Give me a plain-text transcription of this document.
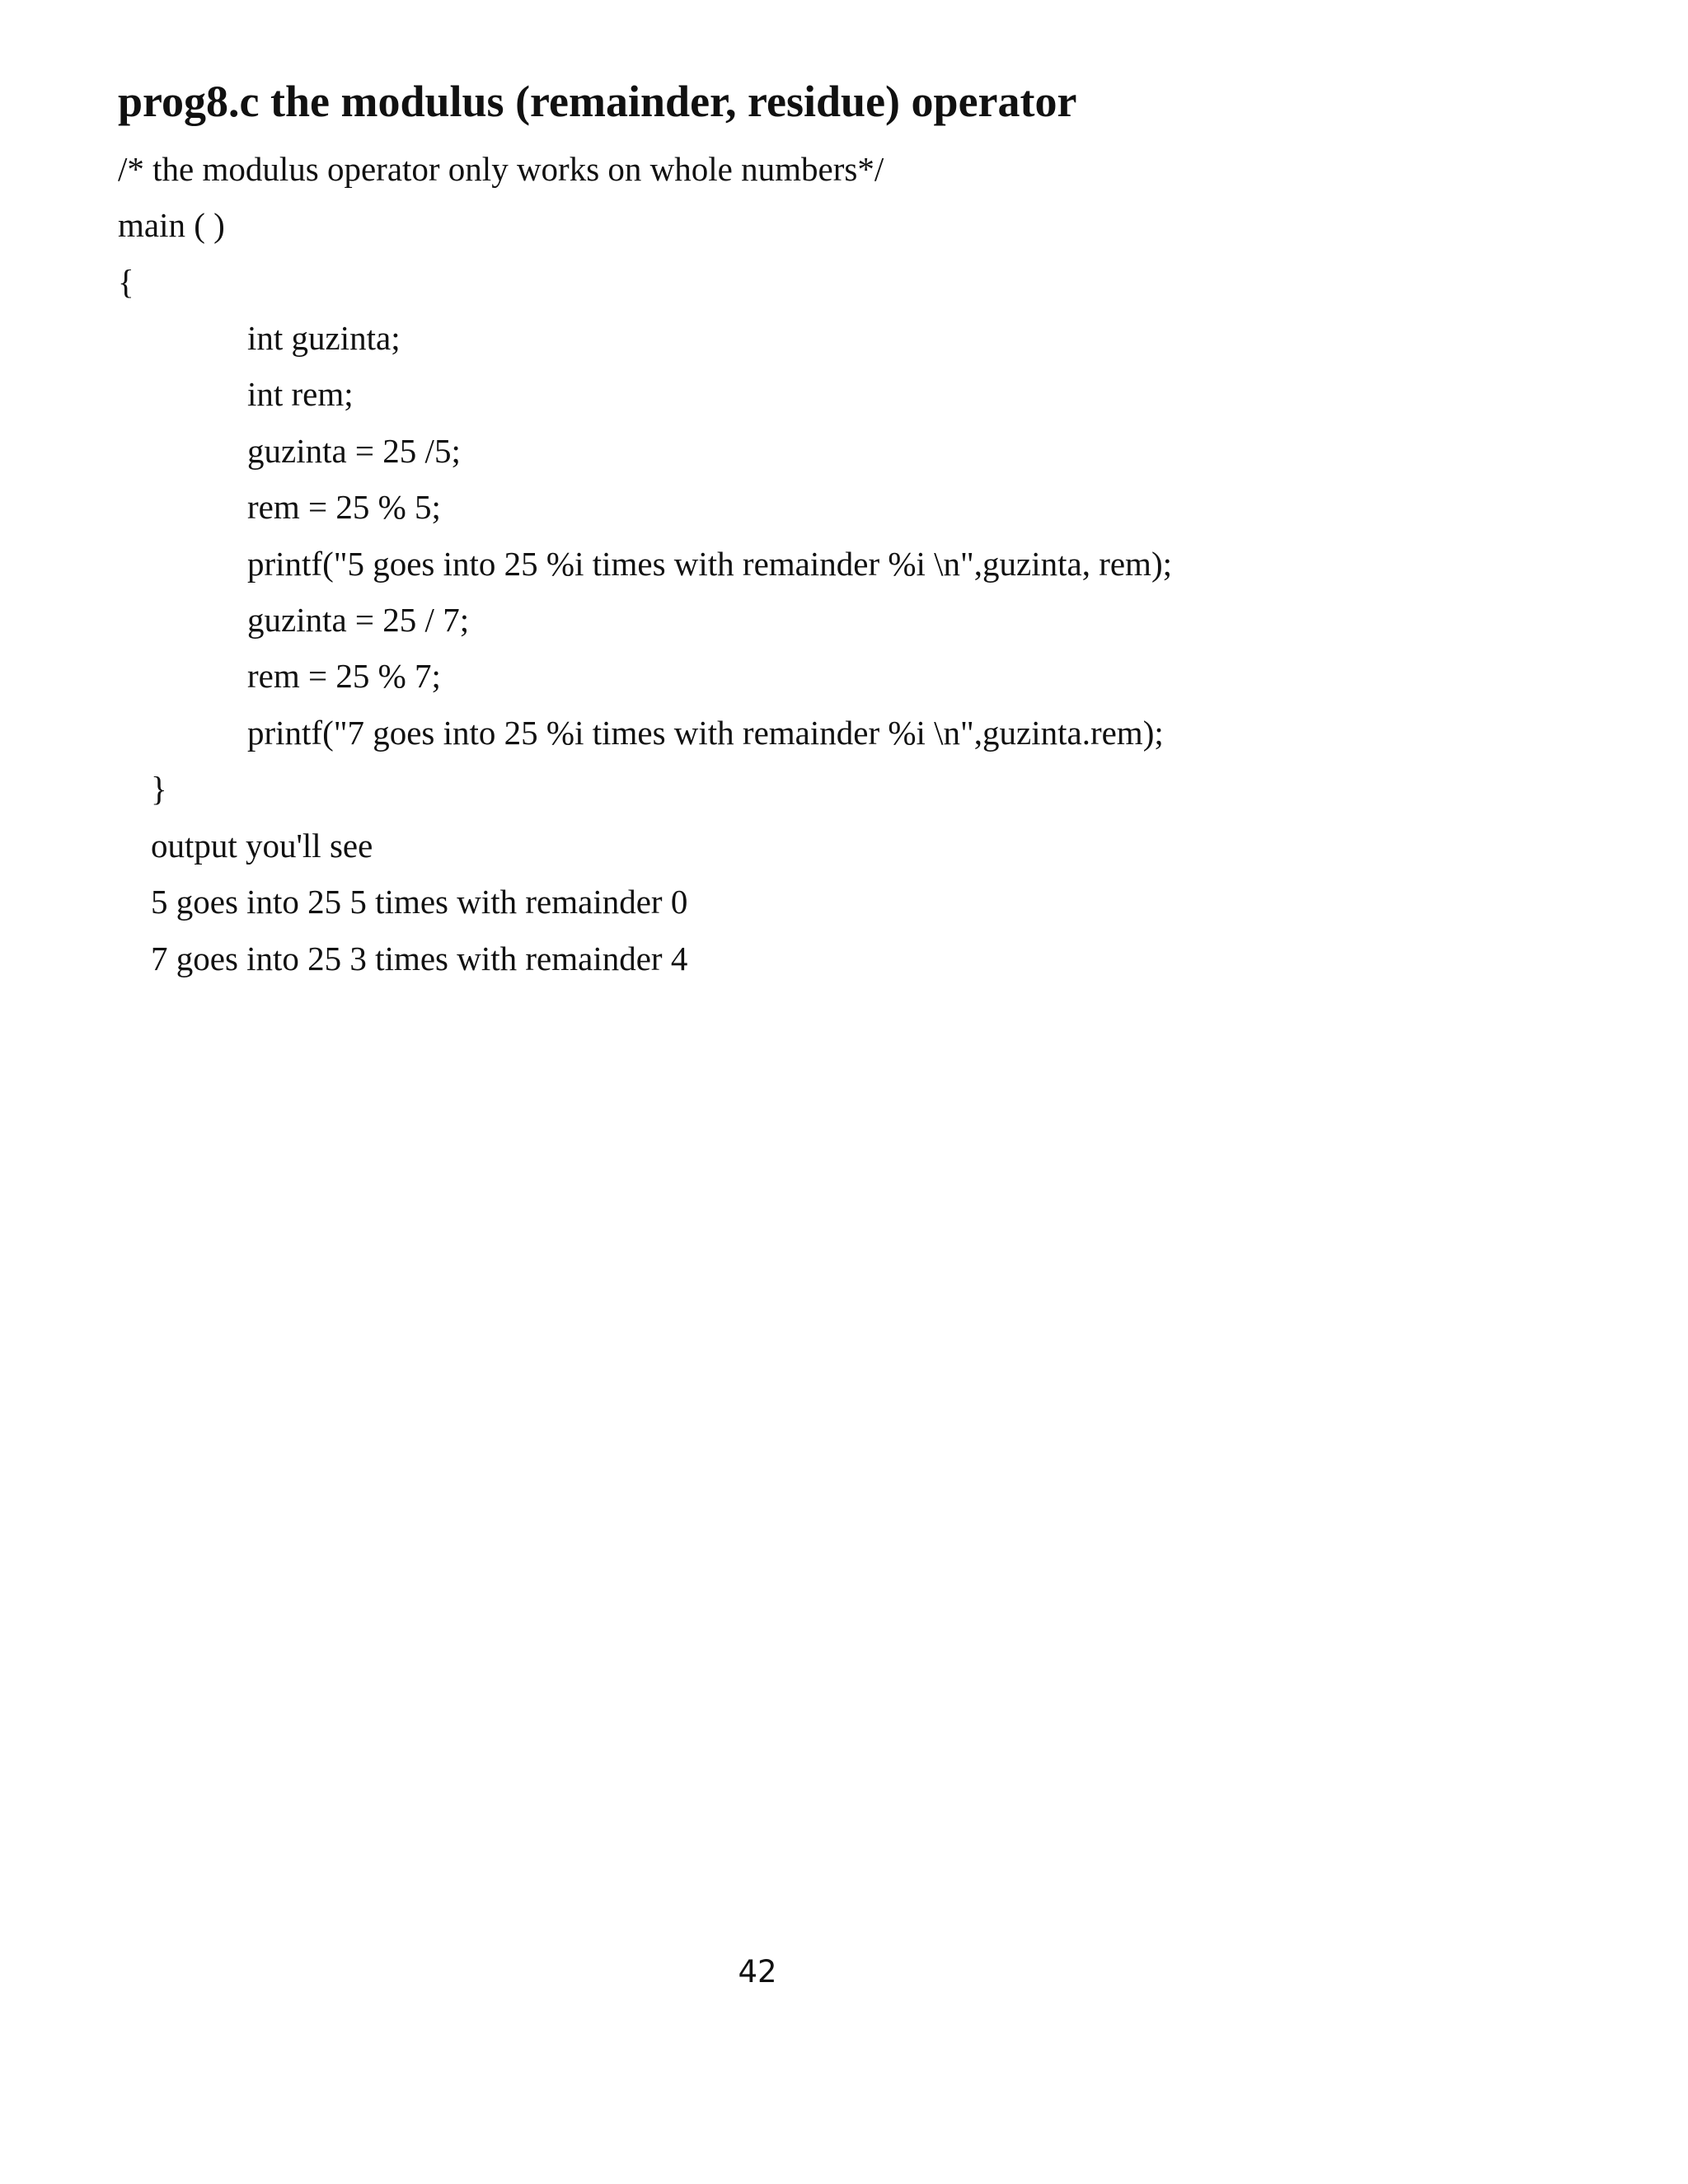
prog8.c the modulus (remainder, residue) operator

/* the modulus operator only works on whole numbers*/

main ( )

{

int guzinta;

int rem;

guzinta = 25 /5;

rem = 25 % 5;

printf("5 goes into 25 %i times with remainder %i \n",guzinta, rem);

guzinta = 25 / 7;

rem = 25 % 7;

printf("7 goes into 25 %i times with remainder %i \n",guzinta.rem);

}

output you'll see

5 goes into 25 5 times with remainder 0

7 goes into 25 3 times with remainder 4

42
